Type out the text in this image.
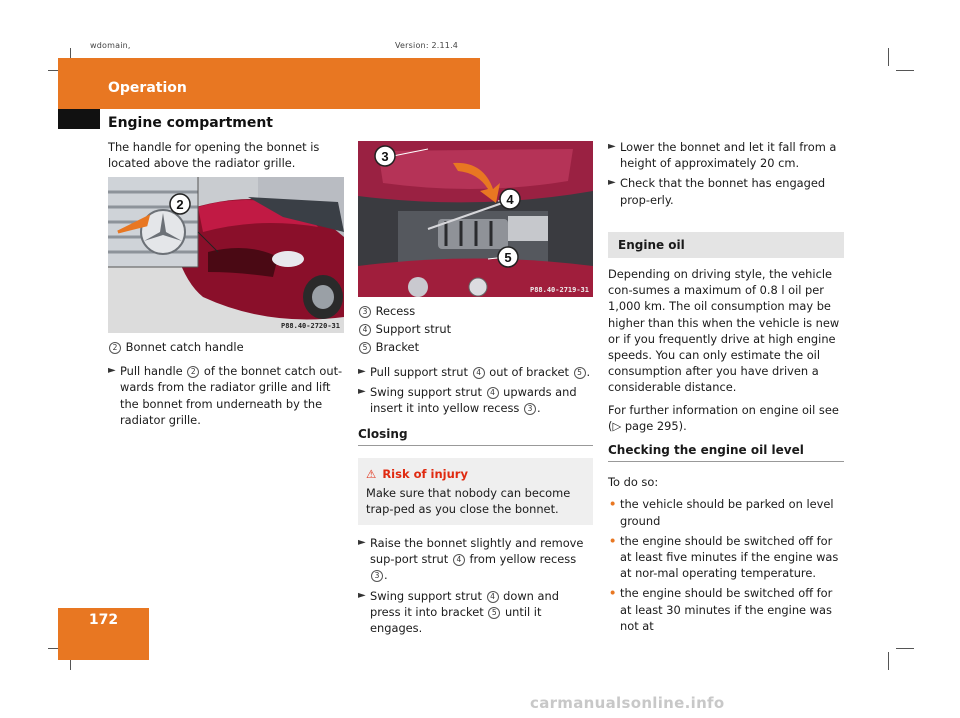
wdomain,	Version: 2.11.4
Operation
Engine compartment

The handle for opening the bonnet is located above the radiator grille.

2
P88.40-2720-31
2 Bonnet catch handle
► Pull handle 2 of the bonnet catch out-wards from the radiator grille and lift the bonnet from underneath by the radiator grille.
3
4
5
P88.40-2719-31
3 Recess
4 Support strut
5 Bracket
► Pull support strut 4 out of bracket 5 .
► Swing support strut 4 upwards and insert it into yellow recess 3 .
Closing
⚠ Risk of injury
Make sure that nobody can become trap-ped as you close the bonnet.
► Raise the bonnet slightly and remove sup-port strut 4 from yellow recess 3 .
► Swing support strut 4 down and press it into bracket 5 until it engages.
► Lower the bonnet and let it fall from a height of approximately 20 cm.
► Check that the bonnet has engaged prop-erly.
Engine oil

Depending on driving style, the vehicle con-sumes a maximum of 0.8 l oil per 1,000 km. The oil consumption may be higher than this when the vehicle is new or if you frequently drive at high engine speeds. You can only estimate the oil consumption after you have driven a considerable distance.

For further information on engine oil see
(▷ page 295).

Checking the engine oil level

To do so:

• the vehicle should be parked on level ground
• the engine should be switched off for at least five minutes if the engine was at nor-mal operating temperature.
• the engine should be switched off for at least 30 minutes if the engine was not at
172
carmanualsonline.info
